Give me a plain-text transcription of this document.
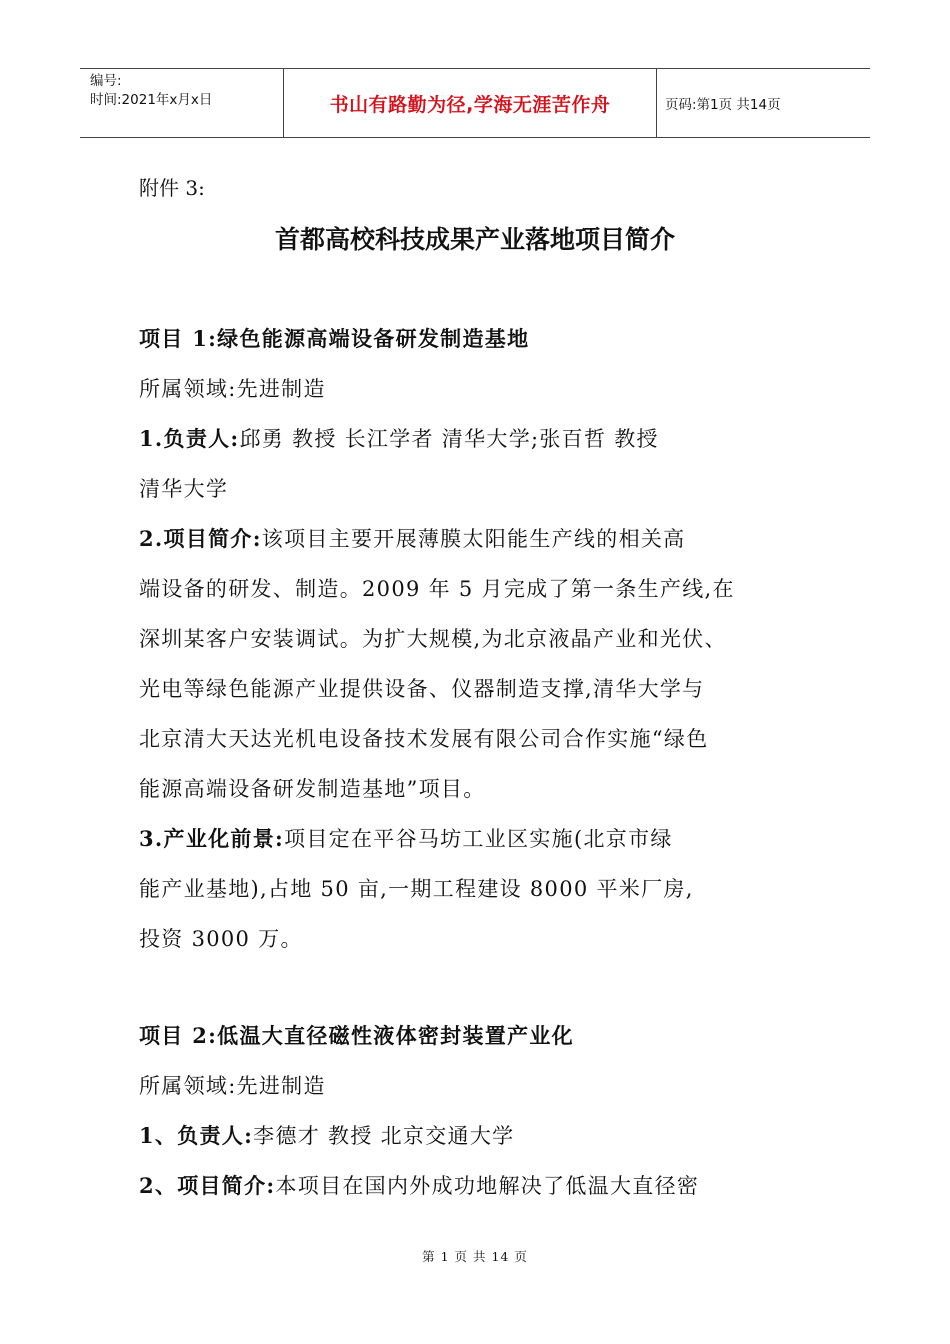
编号:
时间:2021年x月x日	书山有路勤为径,学海无涯苦作舟	页码:第1页 共14页
附件 3:
首都高校科技成果产业落地项目简介
项目 1:绿色能源高端设备研发制造基地
所属领域:先进制造
1.负责人:邱勇 教授 长江学者 清华大学;张百哲 教授
清华大学
2.项目简介:该项目主要开展薄膜太阳能生产线的相关高
端设备的研发、制造。2009 年 5 月完成了第一条生产线,在
深圳某客户安装调试。为扩大规模,为北京液晶产业和光伏、
光电等绿色能源产业提供设备、仪器制造支撑,清华大学与
北京清大天达光机电设备技术发展有限公司合作实施“绿色
能源高端设备研发制造基地”项目。
3.产业化前景:项目定在平谷马坊工业区实施(北京市绿
能产业基地),占地 50 亩,一期工程建设 8000 平米厂房,
投资 3000 万。
项目 2:低温大直径磁性液体密封装置产业化
所属领域:先进制造
1、负责人:李德才 教授 北京交通大学
2、项目简介:本项目在国内外成功地解决了低温大直径密
第 1 页 共 14 页
